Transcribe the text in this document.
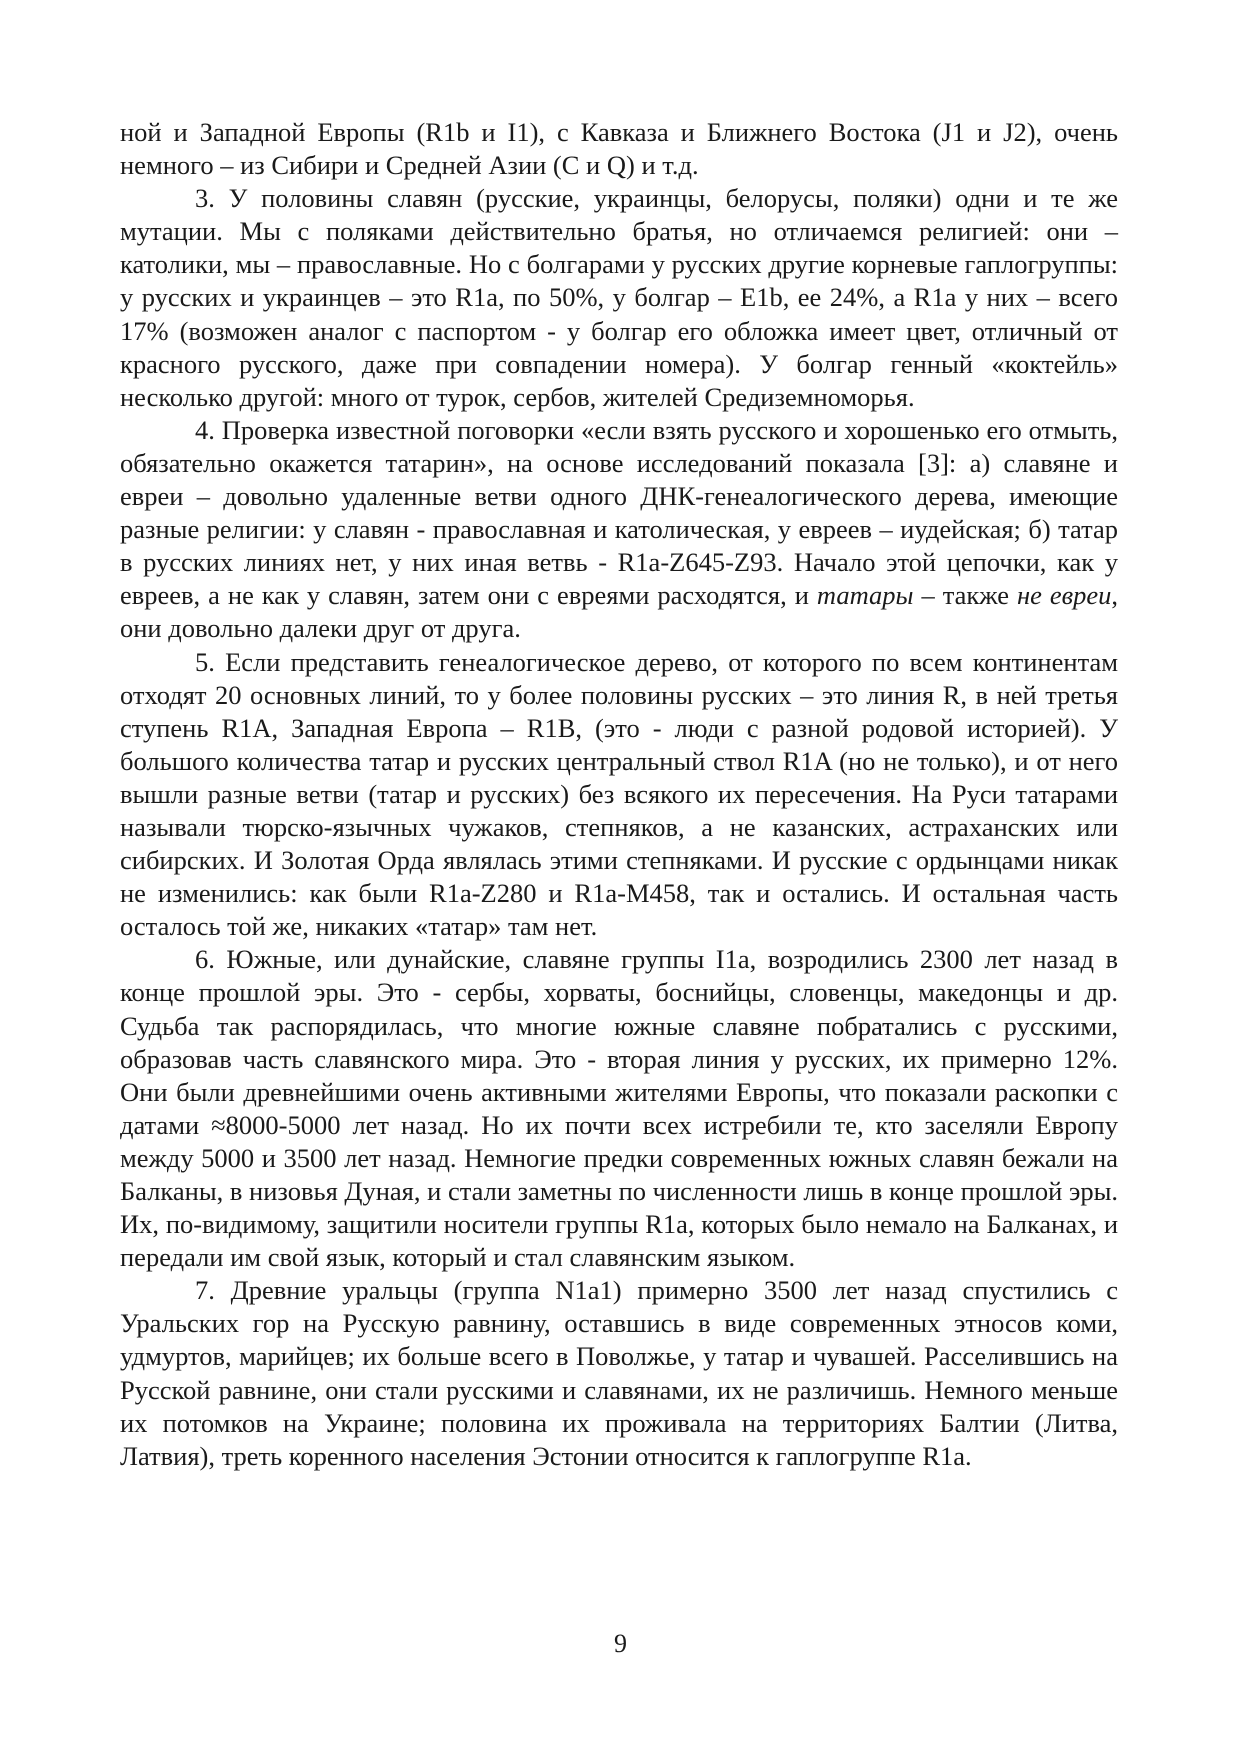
ной и Западной Европы (R1b и I1), с Кавказа и Ближнего Востока (J1 и J2), очень немного – из Сибири и Средней Азии (C и Q) и т.д.

3. У половины славян (русские, украинцы, белорусы, поляки) одни и те же мутации. Мы с поляками действительно братья, но отличаемся религией: они – католики, мы – православные. Но с болгарами у русских другие корневые гаплогруппы: у русских и украинцев – это R1a, по 50%, у болгар – E1b, ее 24%, а R1a у них – всего 17% (возможен аналог с паспортом - у болгар его обложка имеет цвет, отличный от красного русского, даже при совпадении номера). У болгар генный «коктейль» несколько другой: много от турок, сербов, жителей Средиземноморья.

4. Проверка известной поговорки «если взять русского и хорошенько его отмыть, обязательно окажется татарин», на основе исследований показала [3]: а) славяне и евреи – довольно удаленные ветви одного ДНК-генеалогического дерева, имеющие разные религии: у славян - православная и католическая, у евреев – иудейская; б) татар в русских линиях нет, у них иная ветвь - R1a-Z645-Z93. Начало этой цепочки, как у евреев, а не как у славян, затем они с евреями расходятся, и татары – также не евреи, они довольно далеки друг от друга.

5. Если представить генеалогическое дерево, от которого по всем континентам отходят 20 основных линий, то у более половины русских – это линия R, в ней третья ступень R1A, Западная Европа – R1B, (это - люди с разной родовой историей). У большого количества татар и русских центральный ствол R1A (но не только), и от него вышли разные ветви (татар и русских) без всякого их пересечения. На Руси татарами называли тюрско-язычных чужаков, степняков, а не казанских, астраханских или сибирских. И Золотая Орда являлась этими степняками. И русские с ордынцами никак не изменились: как были R1a-Z280 и R1a-M458, так и остались. И остальная часть осталось той же, никаких «татар» там нет.

6. Южные, или дунайские, славяне группы I1a, возродились 2300 лет назад в конце прошлой эры. Это - сербы, хорваты, боснийцы, словенцы, македонцы и др. Судьба так распорядилась, что многие южные славяне побратались с русскими, образовав часть славянского мира. Это - вторая линия у русских, их примерно 12%. Они были древнейшими очень активными жителями Европы, что показали раскопки с датами ≈8000-5000 лет назад. Но их почти всех истребили те, кто заселяли Европу между 5000 и 3500 лет назад. Немногие предки современных южных славян бежали на Балканы, в низовья Дуная, и стали заметны по численности лишь в конце прошлой эры. Их, по-видимому, защитили носители группы R1a, которых было немало на Балканах, и передали им свой язык, который и стал славянским языком.

7. Древние уральцы (группа N1a1) примерно 3500 лет назад спустились с Уральских гор на Русскую равнину, оставшись в виде современных этносов коми, удмуртов, марийцев; их больше всего в Поволжье, у татар и чувашей. Расселившись на Русской равнине, они стали русскими и славянами, их не различишь. Немного меньше их потомков на Украине; половина их проживала на территориях Балтии (Литва, Латвия), треть коренного населения Эстонии относится к гаплогруппе R1a.

9
